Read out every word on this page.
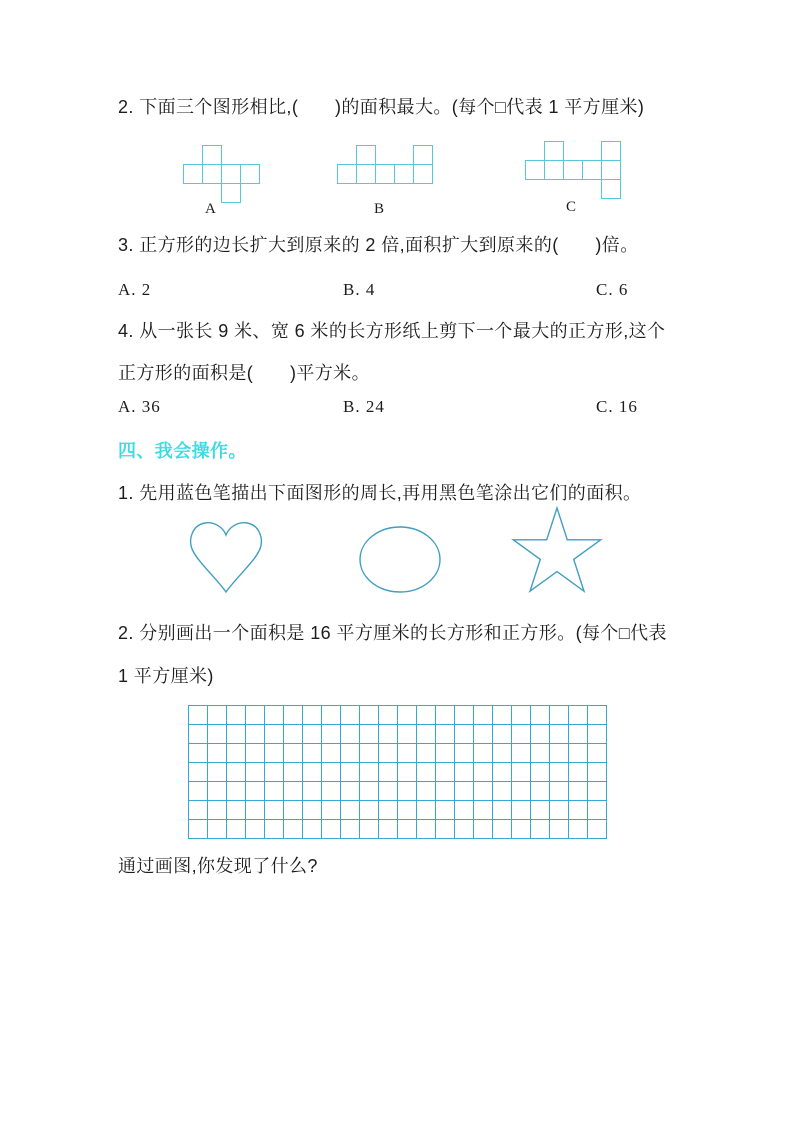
2. 下面三个图形相比,(　　)的面积最大。(每个□代表 1 平方厘米)
A	B	C
3. 正方形的边长扩大到原来的 2 倍,面积扩大到原来的(　　)倍。
A. 2	B. 4	C. 6
4. 从一张长 9 米、宽 6 米的长方形纸上剪下一个最大的正方形,这个
正方形的面积是(　　)平方米。
A. 36	B. 24	C. 16
四、我会操作。
1. 先用蓝色笔描出下面图形的周长,再用黑色笔涂出它们的面积。
2. 分别画出一个面积是 16 平方厘米的长方形和正方形。(每个□代表
1 平方厘米)
通过画图,你发现了什么?
